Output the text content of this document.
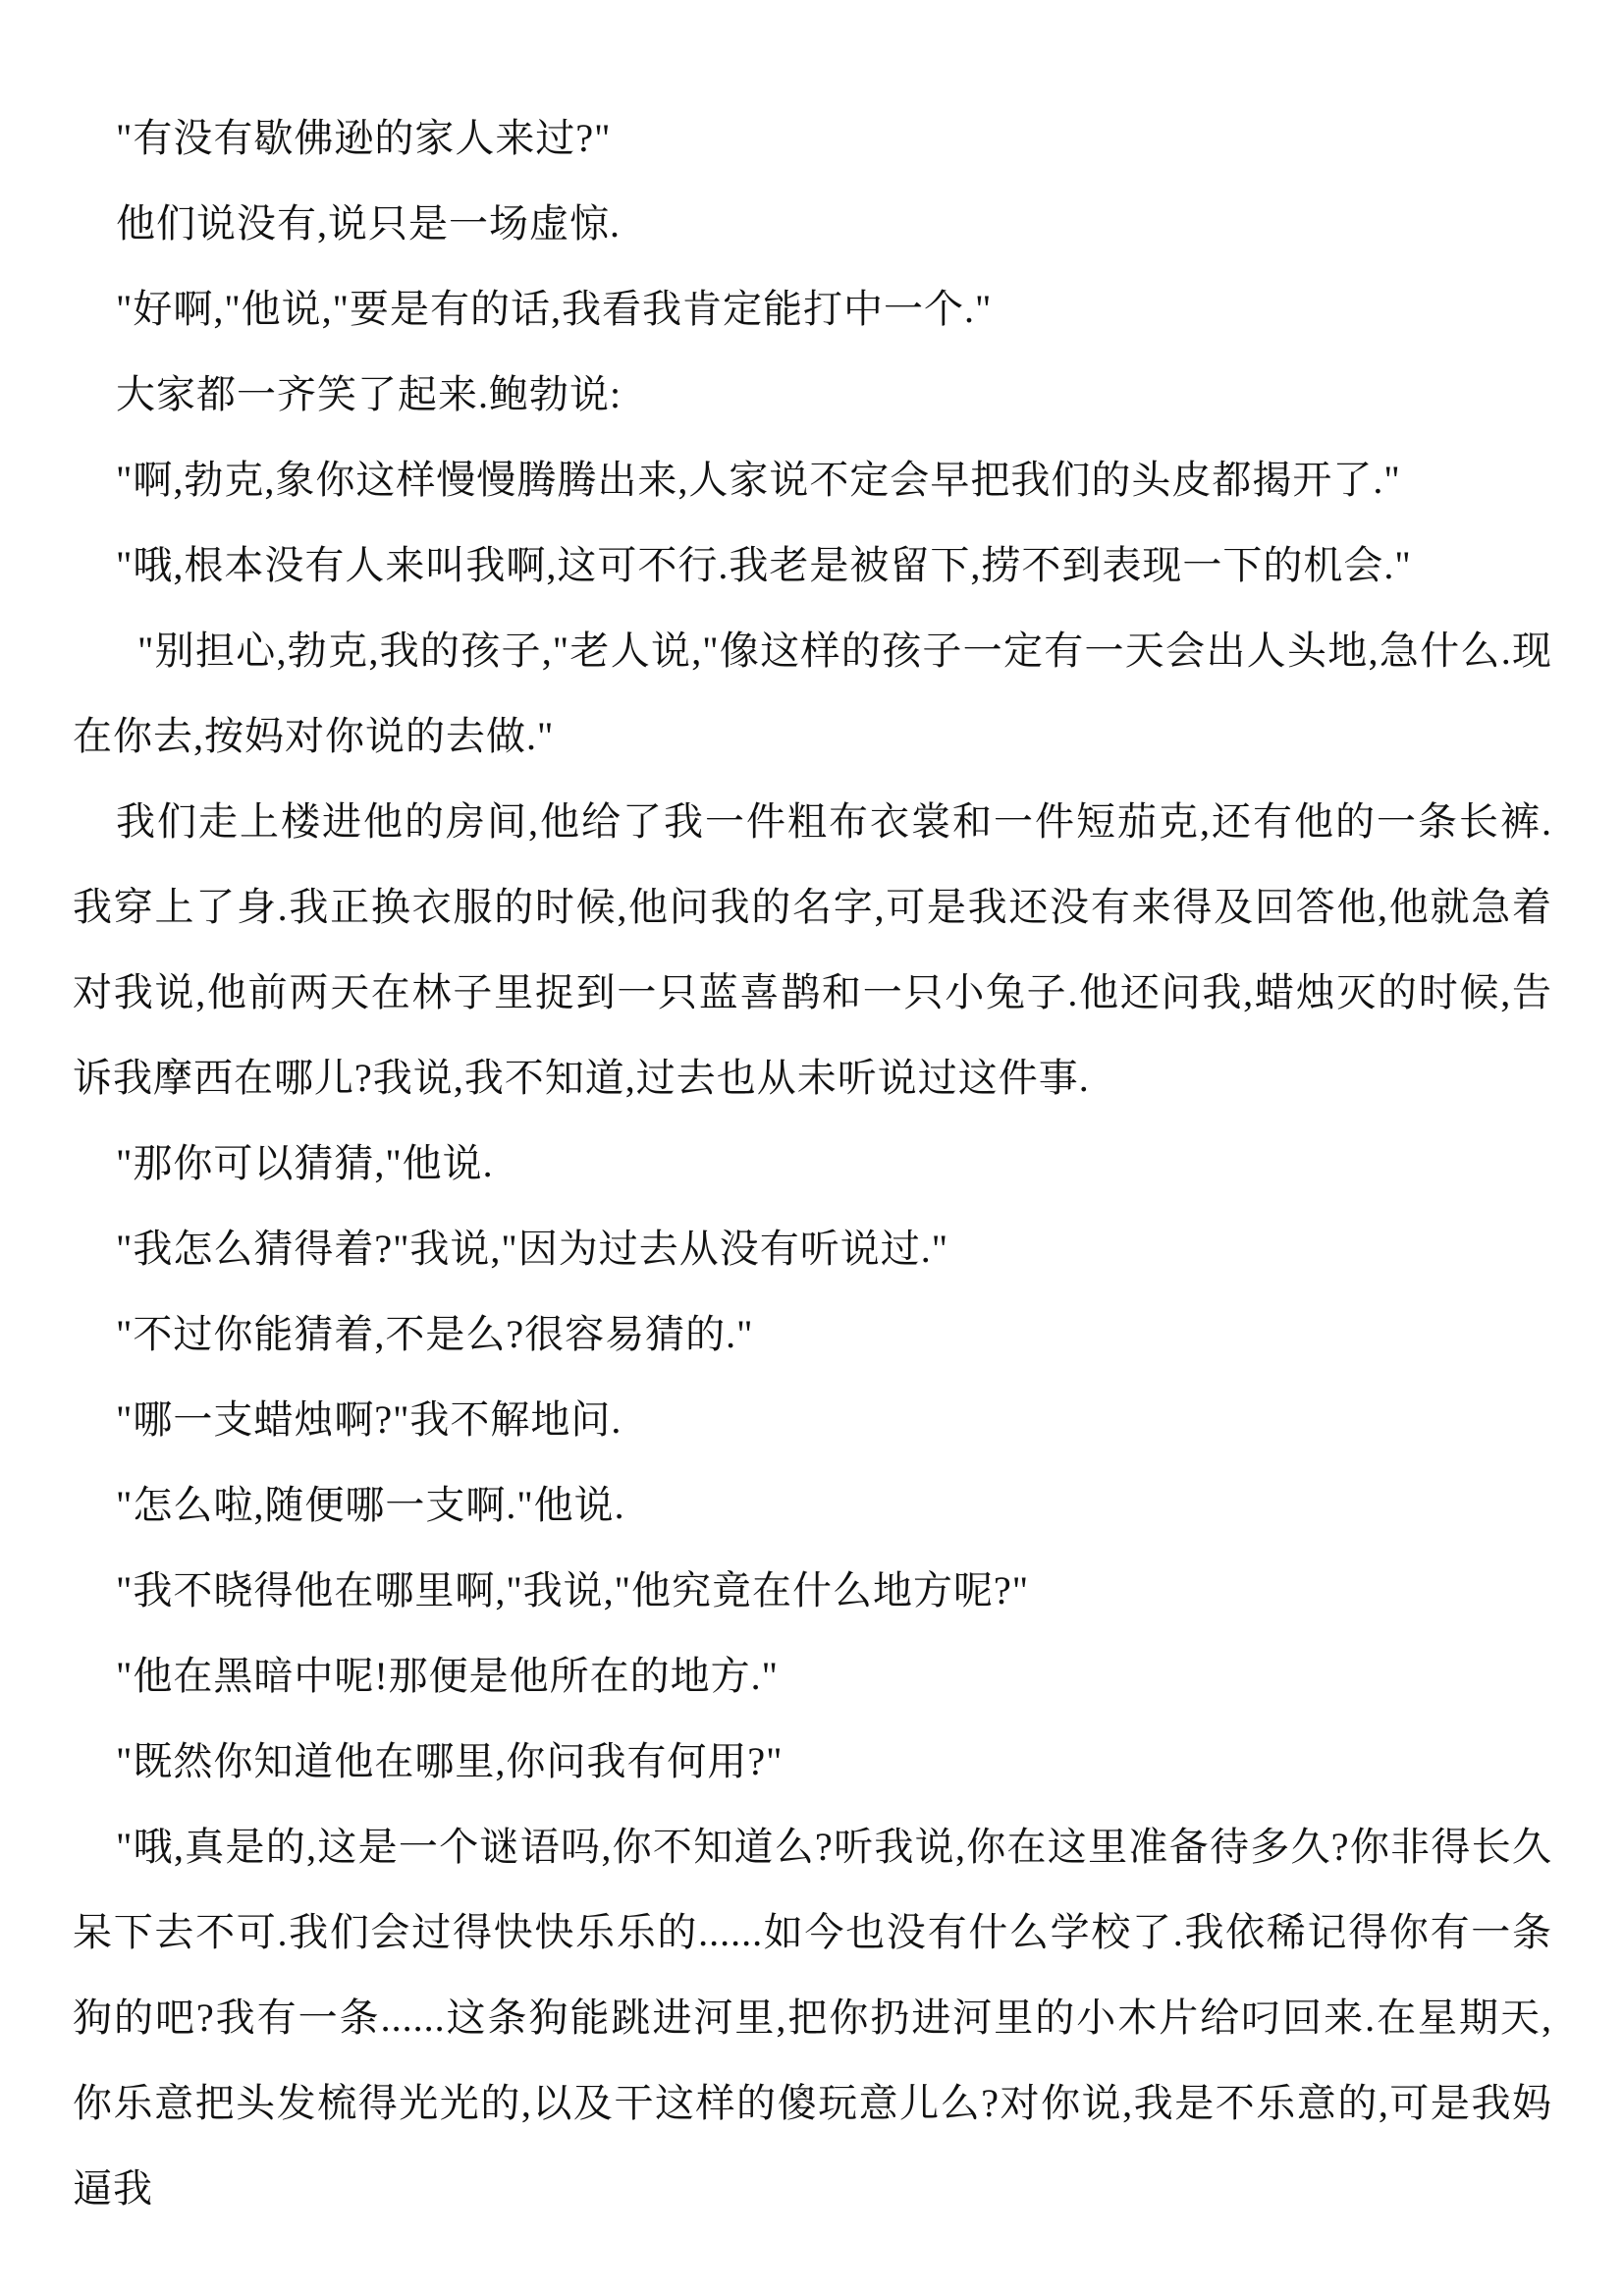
"有没有歇佛逊的家人来过?"

他们说没有,说只是一场虚惊.

"好啊,"他说,"要是有的话,我看我肯定能打中一个."

大家都一齐笑了起来.鲍勃说:

"啊,勃克,象你这样慢慢腾腾出来,人家说不定会早把我们的头皮都揭开了."

"哦,根本没有人来叫我啊,这可不行.我老是被留下,捞不到表现一下的机会."

"别担心,勃克,我的孩子,"老人说,"像这样的孩子一定有一天会出人头地,急什么.现在你去,按妈对你说的去做."

我们走上楼进他的房间,他给了我一件粗布衣裳和一件短茄克,还有他的一条长裤.我穿上了身.我正换衣服的时候,他问我的名字,可是我还没有来得及回答他,他就急着对我说,他前两天在林子里捉到一只蓝喜鹊和一只小兔子.他还问我,蜡烛灭的时候,告诉我摩西在哪儿?我说,我不知道,过去也从未听说过这件事.

"那你可以猜猜,"他说.

"我怎么猜得着?"我说,"因为过去从没有听说过."

"不过你能猜着,不是么?很容易猜的."

"哪一支蜡烛啊?"我不解地问.

"怎么啦,随便哪一支啊."他说.

"我不晓得他在哪里啊,"我说,"他究竟在什么地方呢?"

"他在黑暗中呢!那便是他所在的地方."

"既然你知道他在哪里,你问我有何用?"

"哦,真是的,这是一个谜语吗,你不知道么?听我说,你在这里准备待多久?你非得长久呆下去不可.我们会过得快快乐乐的......如今也没有什么学校了.我依稀记得你有一条狗的吧?我有一条......这条狗能跳进河里,把你扔进河里的小木片给叼回来.在星期天,你乐意把头发梳得光光的,以及干这样的傻玩意儿么?对你说,我是不乐意的,可是我妈逼我
